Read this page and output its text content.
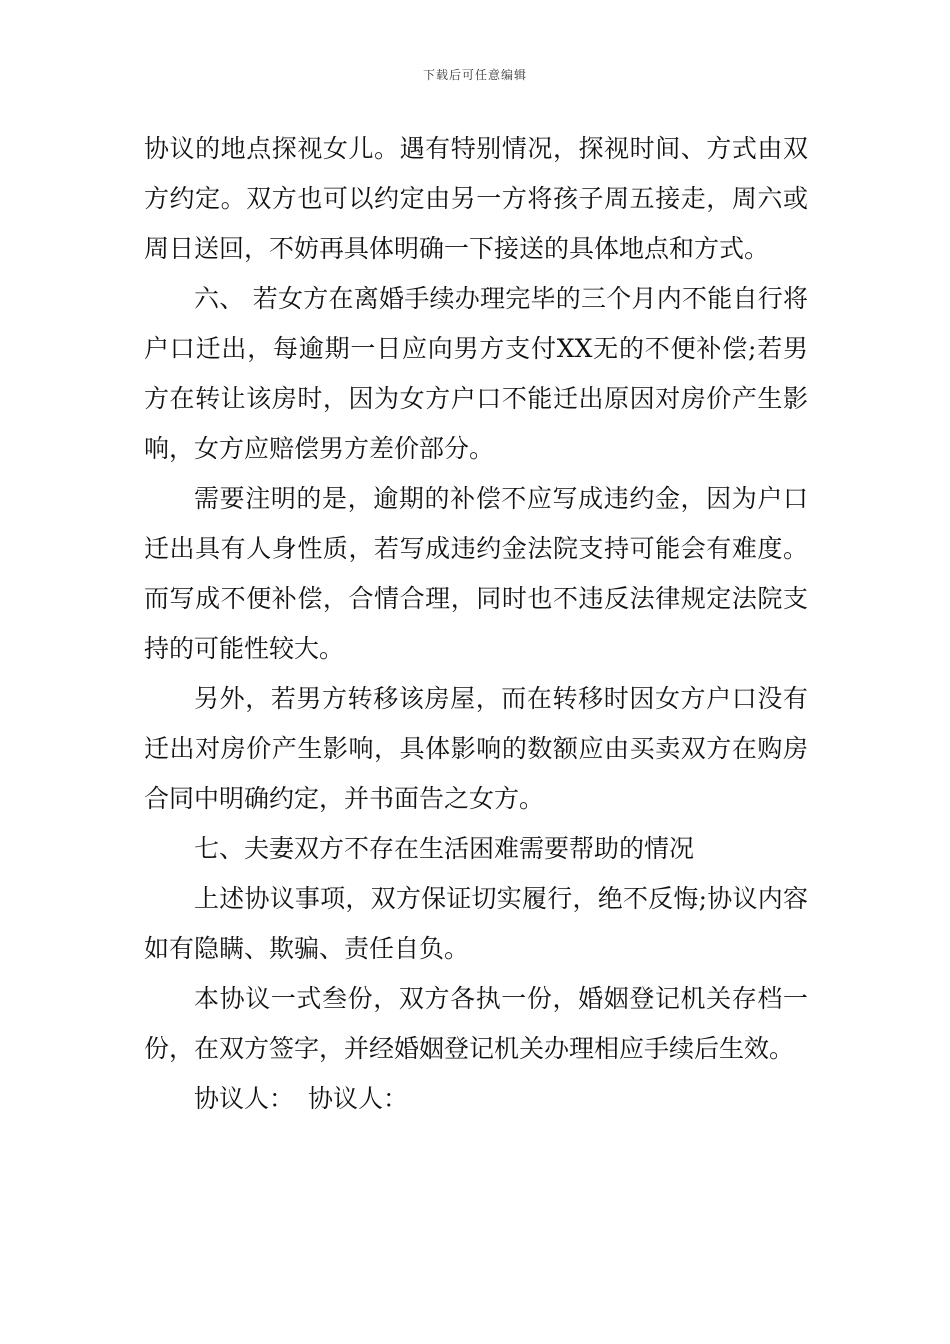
下载后可任意编辑

协议的地点探视女儿。遇有特别情况，探视时间、方式由双方约定。双方也可以约定由另一方将孩子周五接走，周六或周日送回，不妨再具体明确一下接送的具体地点和方式。

六、 若女方在离婚手续办理完毕的三个月内不能自行将户口迁出，每逾期一日应向男方支付XX无的不便补偿;若男方在转让该房时，因为女方户口不能迁出原因对房价产生影响，女方应赔偿男方差价部分。

需要注明的是，逾期的补偿不应写成违约金，因为户口迁出具有人身性质，若写成违约金法院支持可能会有难度。而写成不便补偿，合情合理，同时也不违反法律规定法院支持的可能性较大。

另外，若男方转移该房屋，而在转移时因女方户口没有迁出对房价产生影响，具体影响的数额应由买卖双方在购房合同中明确约定，并书面告之女方。

七、夫妻双方不存在生活困难需要帮助的情况

上述协议事项，双方保证切实履行，绝不反悔;协议内容如有隐瞒、欺骗、责任自负。

本协议一式叁份，双方各执一份，婚姻登记机关存档一份，在双方签字，并经婚姻登记机关办理相应手续后生效。

协议人： 协议人：
